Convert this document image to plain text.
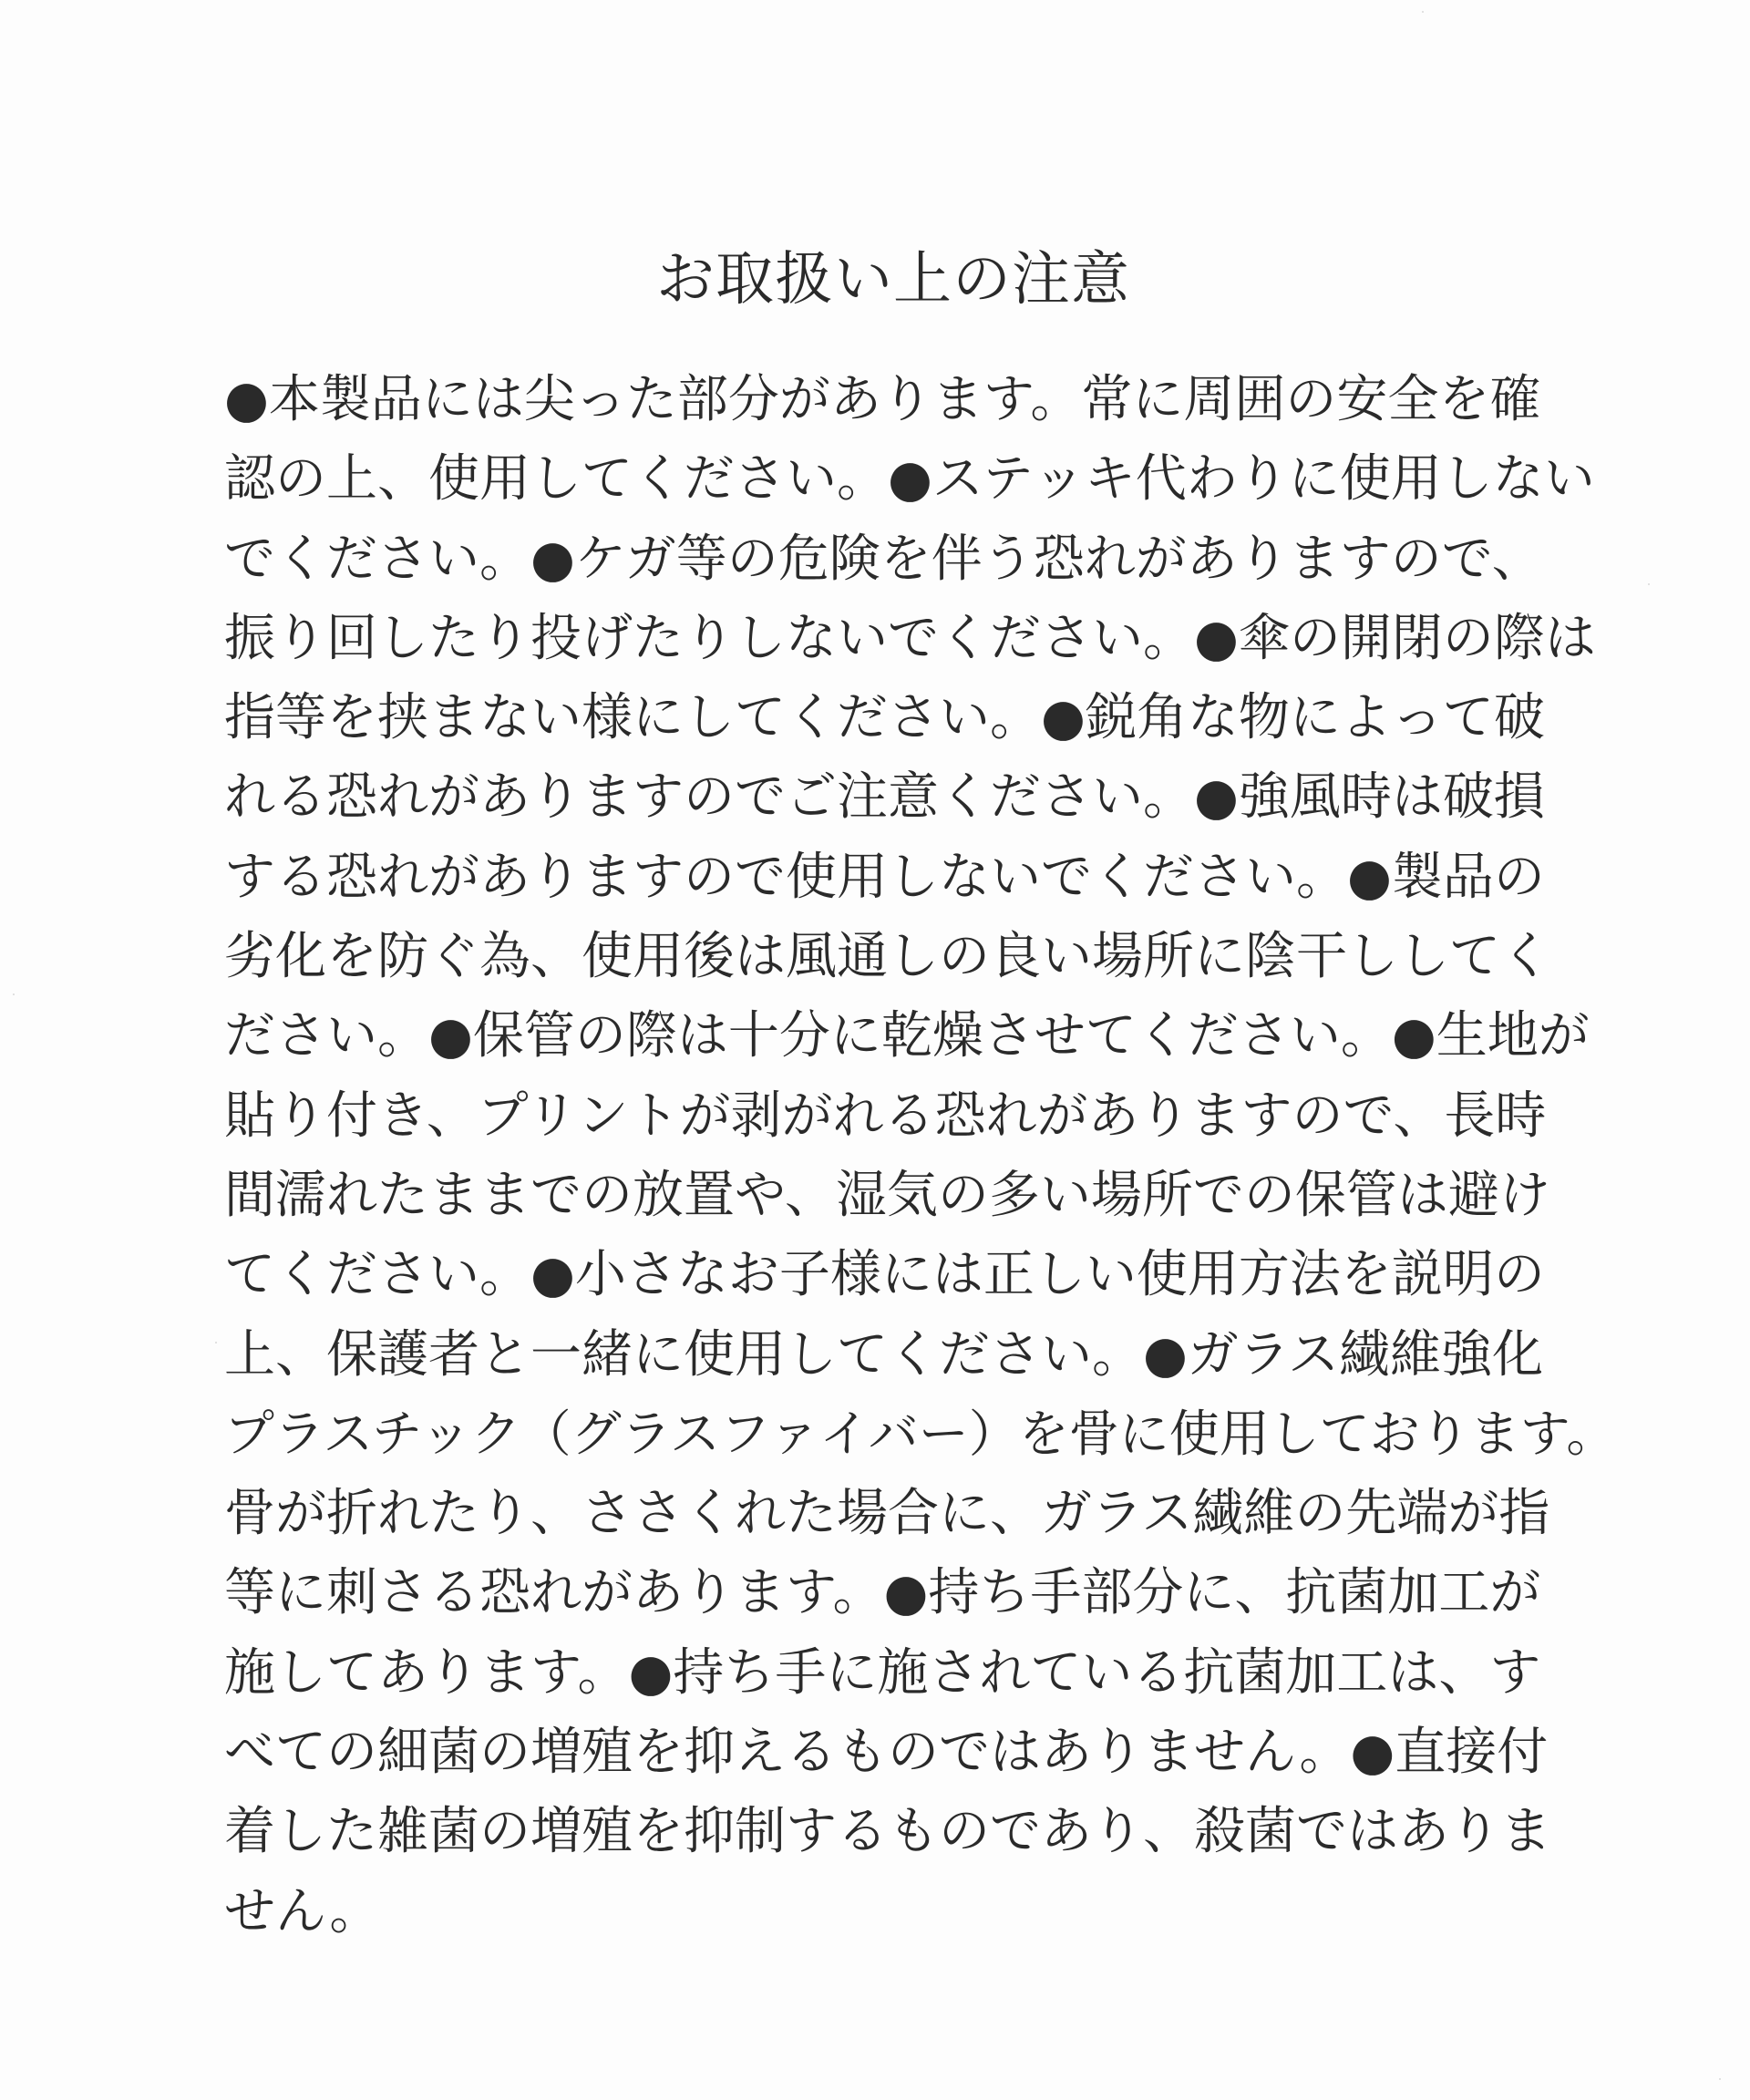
お取扱い上の注意
●本製品には尖った部分があります。常に周囲の安全を確
認の上、使用してください。●ステッキ代わりに使用しない
でください。●ケガ等の危険を伴う恐れがありますので、
振り回したり投げたりしないでください。●傘の開閉の際は
指等を挟まない様にしてください。●鋭角な物によって破
れる恐れがありますのでご注意ください。●強風時は破損
する恐れがありますので使用しないでください。●製品の
劣化を防ぐ為、使用後は風通しの良い場所に陰干ししてく
ださい。●保管の際は十分に乾燥させてください。●生地が
貼り付き、プリントが剥がれる恐れがありますので、長時
間濡れたままでの放置や、湿気の多い場所での保管は避け
てください。●小さなお子様には正しい使用方法を説明の
上、保護者と一緒に使用してください。●ガラス繊維強化
プラスチック（グラスファイバー）を骨に使用しております。
骨が折れたり、ささくれた場合に、ガラス繊維の先端が指
等に刺さる恐れがあります。●持ち手部分に、抗菌加工が
施してあります。●持ち手に施されている抗菌加工は、す
べての細菌の増殖を抑えるものではありません。●直接付
着した雑菌の増殖を抑制するものであり、殺菌ではありま
せん。
